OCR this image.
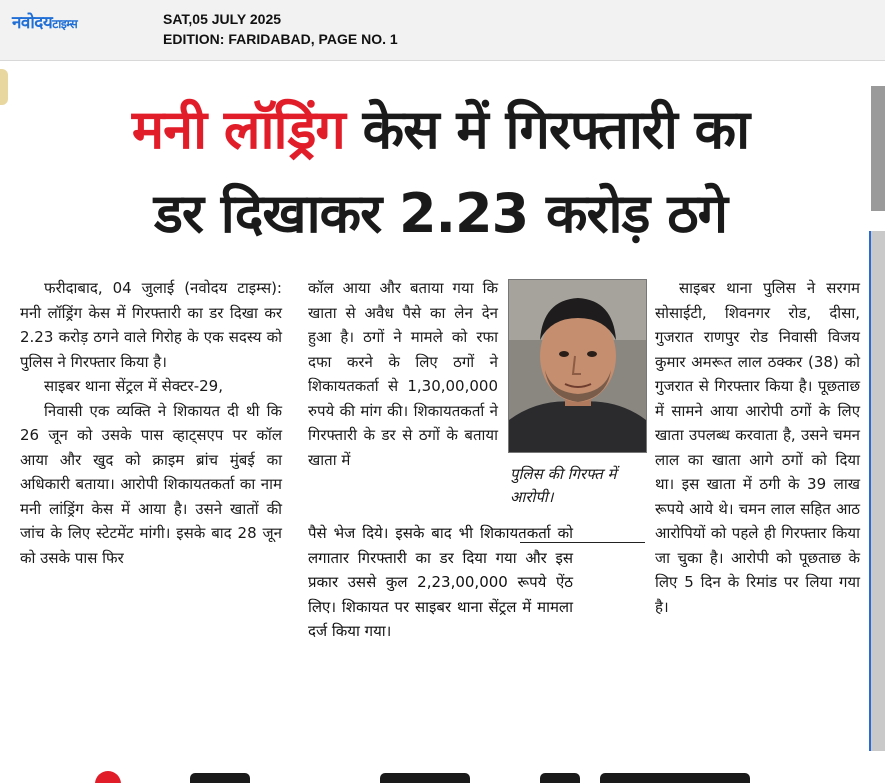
नवोदयटाइम्स	SAT,05 JULY 2025
EDITION: FARIDABAD, PAGE NO. 1
मनी लॉड्रिंग केस में गिरफ्तारी का
डर दिखाकर 2.23 करोड़ ठगे

फरीदाबाद, 04 जुलाई (नवोदय टाइम्स): मनी लॉड्रिंग केस में गिरफ्तारी का डर दिखा कर 2.23 करोड़ ठगने वाले गिरोह के एक सदस्य को पुलिस ने गिरफ्तार किया है।

साइबर थाना सेंट्रल में सेक्टर-29,

निवासी एक व्यक्ति ने शिकायत दी थी कि 26 जून को उसके पास व्हाट्सएप पर कॉल आया और खुद को क्राइम ब्रांच मुंबई का अधिकारी बताया। आरोपी शिकायतकर्ता का नाम मनी लांड्रिंग केस में आया है। उसने खातों की जांच के लिए स्टेटमेंट मांगी। इसके बाद 28 जून को उसके पास फिर

कॉल आया और बताया गया कि खाता से अवैध पैसे का लेन देन हुआ है। ठगों ने मामले को रफा दफा करने के लिए ठगों ने शिकायतकर्ता से 1,30,00,000 रुपये की मांग की। शिकायतकर्ता ने गिरफ्तारी के डर से ठगों के बताया खाता में

पुलिस की गिरफ्त में आरोपी।

पैसे भेज दिये। इसके बाद भी शिकायतकर्ता को लगातार गिरफ्तारी का डर दिया गया और इस प्रकार उससे कुल 2,23,00,000 रूपये ऐंठ लिए। शिकायत पर साइबर थाना सेंट्रल में मामला दर्ज किया गया।

साइबर थाना पुलिस ने सरगम सोसाईटी, शिवनगर रोड, दीसा, गुजरात राणपुर रोड निवासी विजय कुमार अमरूत लाल ठक्कर (38) को गुजरात से गिरफ्तार किया है। पूछताछ में सामने आया आरोपी ठगों के लिए खाता उपलब्ध करवाता है, उसने चमन लाल का खाता आगे ठगों को दिया था। इस खाता में ठगी के 39 लाख रूपये आये थे। चमन लाल सहित आठ आरोपियों को पहले ही गिरफ्तार किया जा चुका है। आरोपी को पूछताछ के लिए 5 दिन के रिमांड पर लिया गया है।
